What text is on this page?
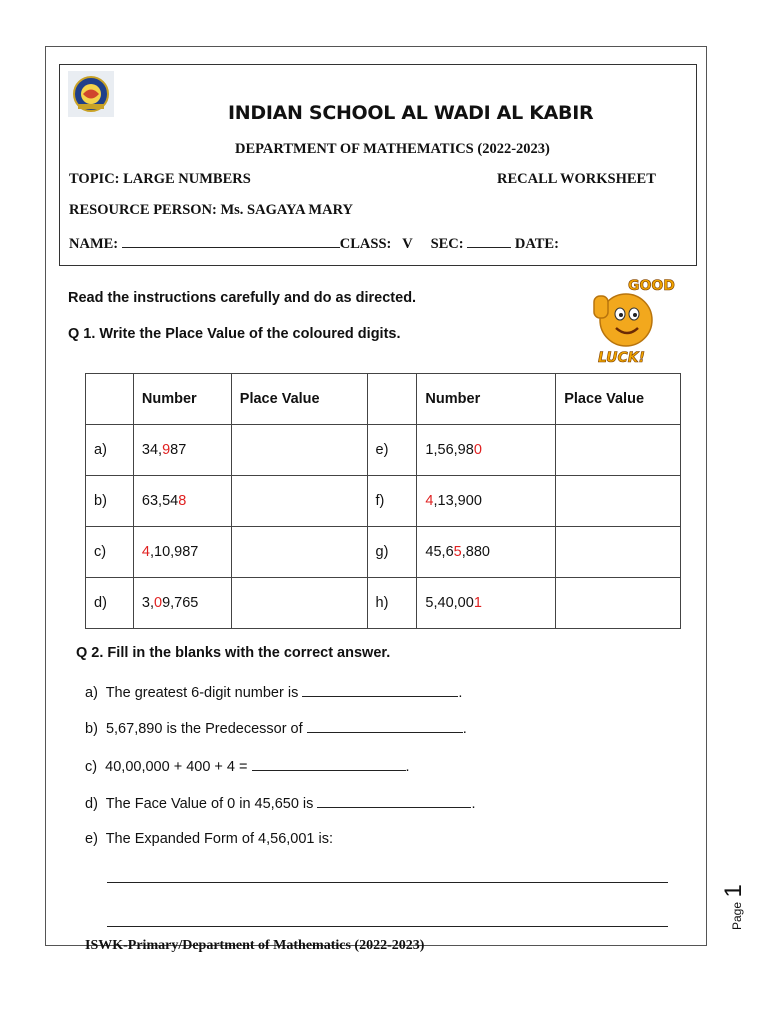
INDIAN SCHOOL AL WADI AL KABIR
DEPARTMENT OF MATHEMATICS (2022-2023)
TOPIC: LARGE NUMBERS	RECALL WORKSHEET
RESOURCE PERSON: Ms. SAGAYA MARY
NAME:	CLASS: V SEC:	DATE:
GOOD
LUCK!
Read the instructions carefully and do as directed.
Q 1. Write the Place Value of the coloured digits.
	Number	Place Value		Number	Place Value
a)	34,987		e)	1,56,980	
b)	63,548		f)	4,13,900	
c)	4,10,987		g)	45,65,880	
d)	3,09,765		h)	5,40,001	
Q 2. Fill in the blanks with the correct answer.
a) The greatest 6-digit number is	.
b) 5,67,890 is the Predecessor of	.
c) 40,00,000 + 400 + 4 =	.
d) The Face Value of 0 in 45,650 is	.
e) The Expanded Form of 4,56,001 is:
ISWK-Primary/Department of Mathematics (2022-2023)
Page 1
